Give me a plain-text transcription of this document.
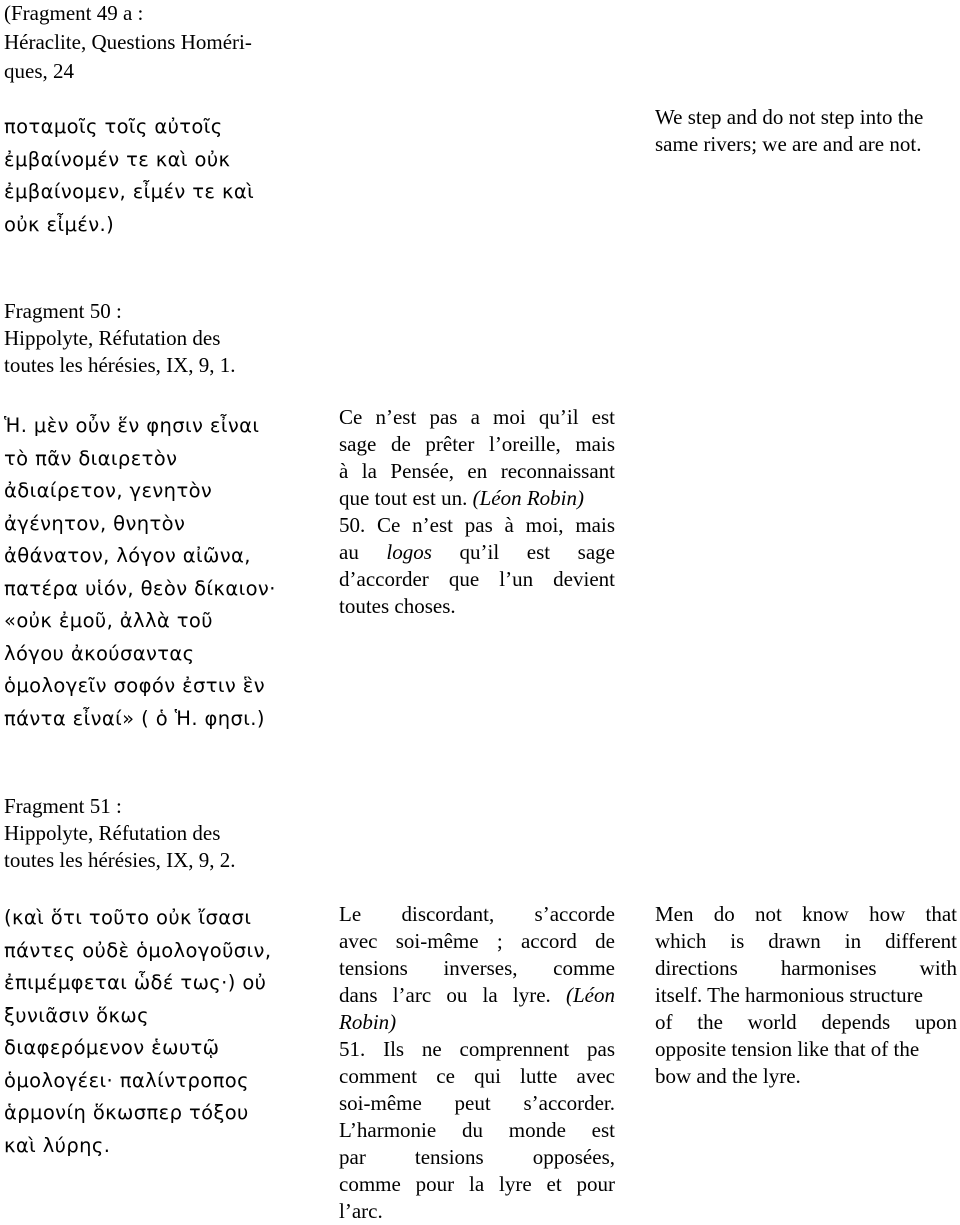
(Fragment 49 a :
Héraclite, Questions Homéri-
ques, 24
ποταμοῖς τοῖς αὐτοῖς
ἐμβαίνομέν τε καὶ οὐκ
ἐμβαίνομεν, εἶμέν τε καὶ
οὐκ εἶμέν.)
We step and do not step into the
same rivers; we are and are not.
Fragment 50 :
Hippolyte, Réfutation des
toutes les hérésies, IX, 9, 1.
Ἡ. μὲν οὖν ἕν φησιν εἶναι
τὸ πᾶν διαιρετὸν
ἀδιαίρετον, γενητὸν
ἀγένητον, θνητὸν
ἀθάνατον, λόγον αἰῶνα,
πατέρα υἱόν, θεὸν δίκαιον·
«οὐκ ἐμοῦ, ἀλλὰ τοῦ
λόγου ἀκούσαντας
ὁμολογεῖν σοφόν ἐστιν ἓν
πάντα εἶναί» ( ὁ Ἡ. φησι.)
Ce n’est pas a moi qu’il est
sage de prêter l’oreille, mais
à la Pensée, en reconnaissant
que tout est un. (Léon Robin)
50. Ce n’est pas à moi, mais
au logos qu’il est sage
d’accorder que l’un devient
toutes choses.
Fragment 51 :
Hippolyte, Réfutation des
toutes les hérésies, IX, 9, 2.
(καὶ ὅτι τοῦτο οὐκ ἴσασι
πάντες οὐδὲ ὁμολογοῦσιν,
ἐπιμέμφεται ὧδέ τως·) οὐ
ξυνιᾶσιν ὅκως
διαφερόμενον ἑωυτῷ
ὁμολογέει· παλίντροπος
ἁρμονίη ὅκωσπερ τόξου
καὶ λύρης.
Le discordant, s’accorde
avec soi-même ; accord de
tensions inverses, comme
dans l’arc ou la lyre. (Léon
Robin)
51. Ils ne comprennent pas
comment ce qui lutte avec
soi-même peut s’accorder.
L’harmonie du monde est
par tensions opposées,
comme pour la lyre et pour
l’arc.
Men do not know how that
which is drawn in different
directions harmonises with
itself. The harmonious structure
of the world depends upon
opposite tension like that of the
bow and the lyre.
